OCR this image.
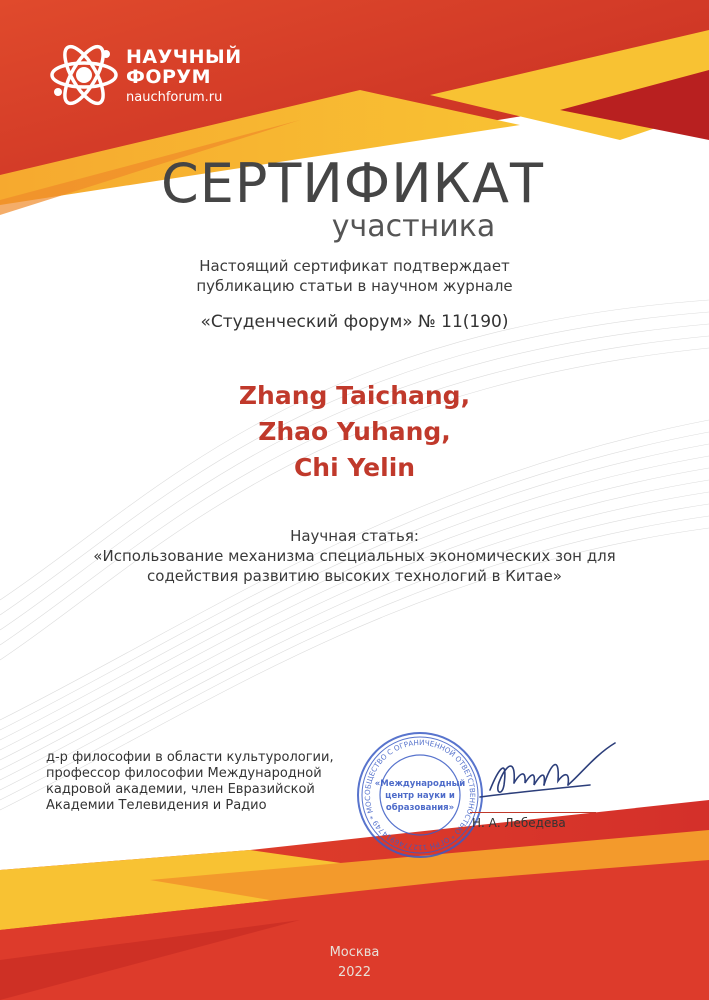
НАУЧНЫЙ
ФОРУМ
nauchforum.ru
СЕРТИФИКАТ
участника
Настоящий сертификат подтверждает
публикацию статьи в научном журнале
«Студенческий форум» № 11(190)
Zhang Taichang,
Zhao Yuhang,
Chi Yelin
Научная статья:
«Использование механизма специальных экономических зон для
содействия развитию высоких технологий в Китае»
д-р философии в области культурологии,
профессор философии Международной
кадровой академии, член Евразийской
Академии Телевидения и Радио
ОБЩЕСТВО С ОГРАНИЧЕННОЙ ОТВЕТСТВЕННОСТЬЮ * ОГРН 1127746914749 * МОС
«Международный
центр науки и
образования»
Н. А. Лебедева
Москва
2022
